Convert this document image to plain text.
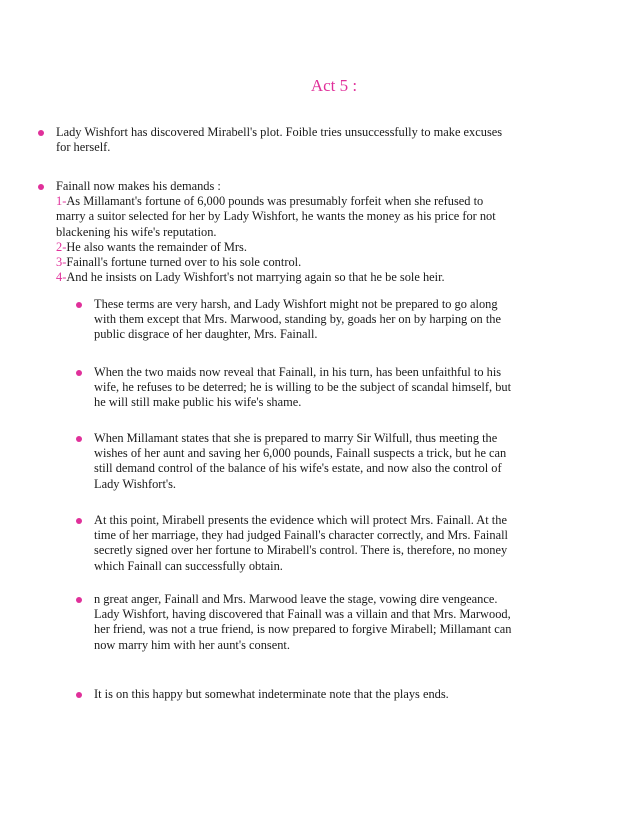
Act 5 :
Lady Wishfort has discovered Mirabell's plot. Foible tries unsuccessfully to make excuses
for herself.
Fainall now makes his demands :
1-As Millamant's fortune of 6,000 pounds was presumably forfeit when she refused to
marry a suitor selected for her by Lady Wishfort, he wants the money as his price for not
blackening his wife's reputation.
2-He also wants the remainder of Mrs.
3-Fainall's fortune turned over to his sole control.
4-And he insists on Lady Wishfort's not marrying again so that he be sole heir.
These terms are very harsh, and Lady Wishfort might not be prepared to go along
with them except that Mrs. Marwood, standing by, goads her on by harping on the
public disgrace of her daughter, Mrs. Fainall.
When the two maids now reveal that Fainall, in his turn, has been unfaithful to his
wife, he refuses to be deterred; he is willing to be the subject of scandal himself, but
he will still make public his wife's shame.
When Millamant states that she is prepared to marry Sir Wilfull, thus meeting the
wishes of her aunt and saving her 6,000 pounds, Fainall suspects a trick, but he can
still demand control of the balance of his wife's estate, and now also the control of
Lady Wishfort's.
At this point, Mirabell presents the evidence which will protect Mrs. Fainall. At the
time of her marriage, they had judged Fainall's character correctly, and Mrs. Fainall
secretly signed over her fortune to Mirabell's control. There is, therefore, no money
which Fainall can successfully obtain.
n great anger, Fainall and Mrs. Marwood leave the stage, vowing dire vengeance.
Lady Wishfort, having discovered that Fainall was a villain and that Mrs. Marwood,
her friend, was not a true friend, is now prepared to forgive Mirabell; Millamant can
now marry him with her aunt's consent.
It is on this happy but somewhat indeterminate note that the plays ends.
